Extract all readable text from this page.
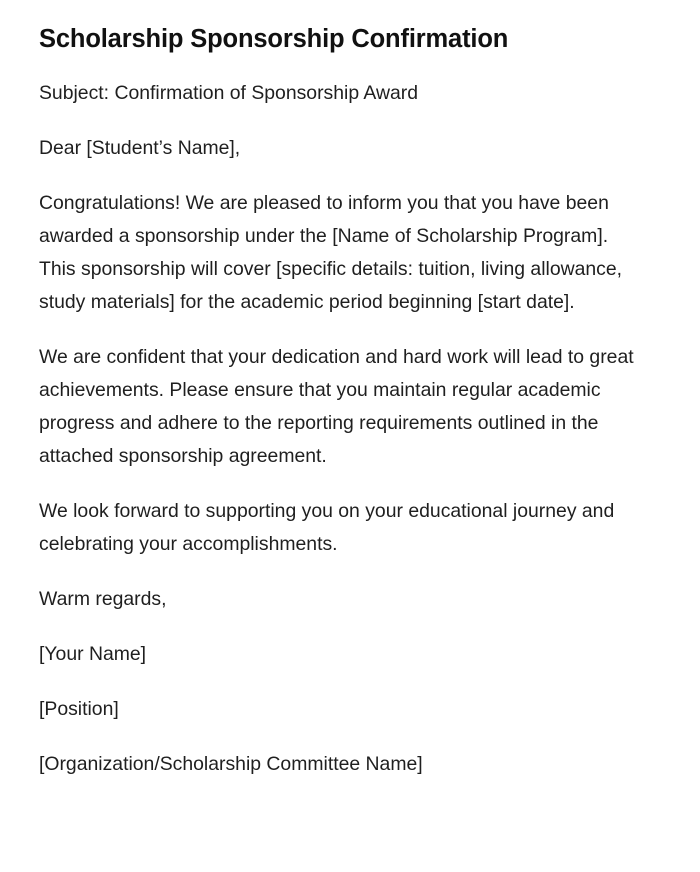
Scholarship Sponsorship Confirmation

Subject: Confirmation of Sponsorship Award

Dear [Student’s Name],

Congratulations! We are pleased to inform you that you have been awarded a sponsorship under the [Name of Scholarship Program]. This sponsorship will cover [specific details: tuition, living allowance, study materials] for the academic period beginning [start date].

We are confident that your dedication and hard work will lead to great achievements. Please ensure that you maintain regular academic progress and adhere to the reporting requirements outlined in the attached sponsorship agreement.

We look forward to supporting you on your educational journey and celebrating your accomplishments.

Warm regards,

[Your Name]

[Position]

[Organization/Scholarship Committee Name]
